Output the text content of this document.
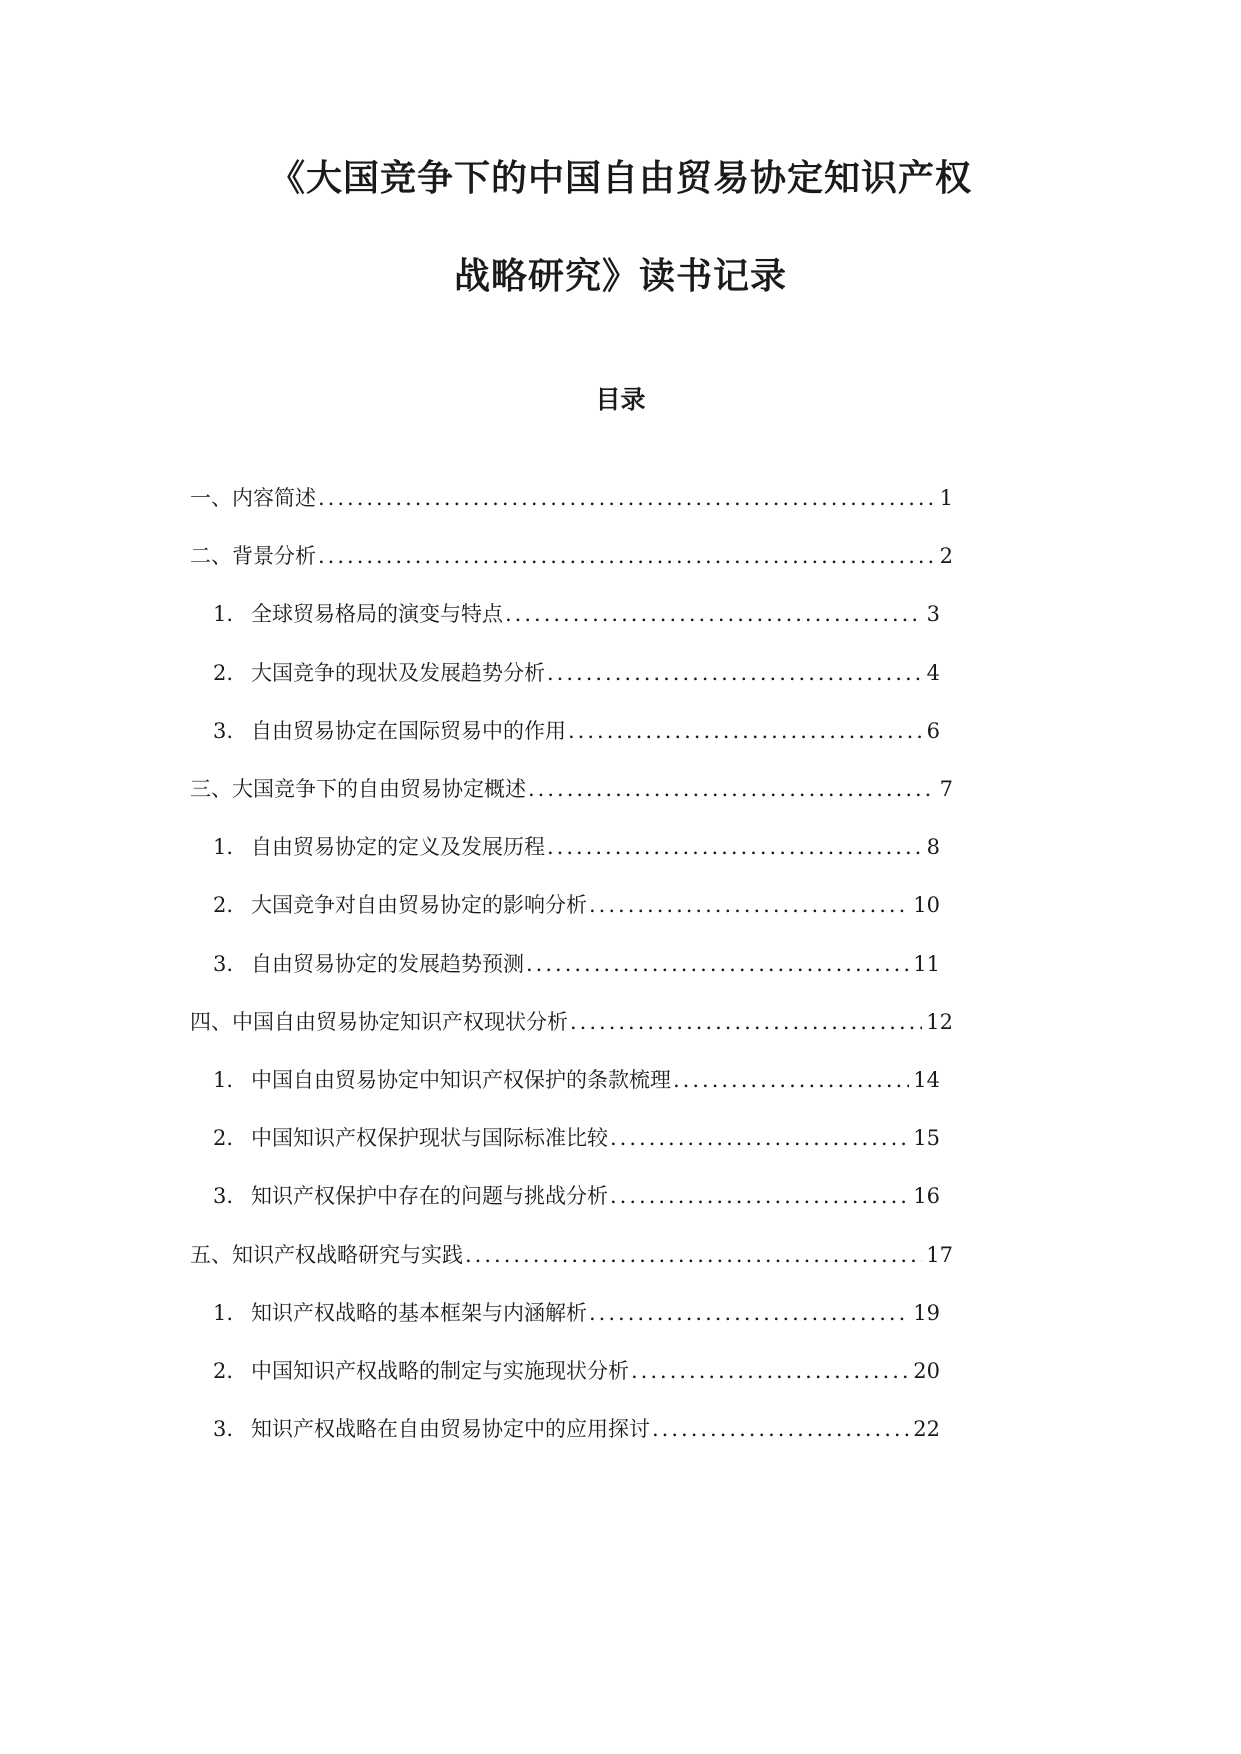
《大国竞争下的中国自由贸易协定知识产权
战略研究》读书记录
目录
一、内容简述 .....	1
二、背景分析 .....	2
1. 全球贸易格局的演变与特点 .....	3
2. 大国竞争的现状及发展趋势分析 .....	4
3. 自由贸易协定在国际贸易中的作用 .....	6
三、大国竞争下的自由贸易协定概述 .....	7
1. 自由贸易协定的定义及发展历程 .....	8
2. 大国竞争对自由贸易协定的影响分析 .....	10
3. 自由贸易协定的发展趋势预测 .....	11
四、中国自由贸易协定知识产权现状分析 .....	12
1. 中国自由贸易协定中知识产权保护的条款梳理 .....	14
2. 中国知识产权保护现状与国际标准比较 .....	15
3. 知识产权保护中存在的问题与挑战分析 .....	16
五、知识产权战略研究与实践 .....	17
1. 知识产权战略的基本框架与内涵解析 .....	19
2. 中国知识产权战略的制定与实施现状分析 .....	20
3. 知识产权战略在自由贸易协定中的应用探讨 .....	22
